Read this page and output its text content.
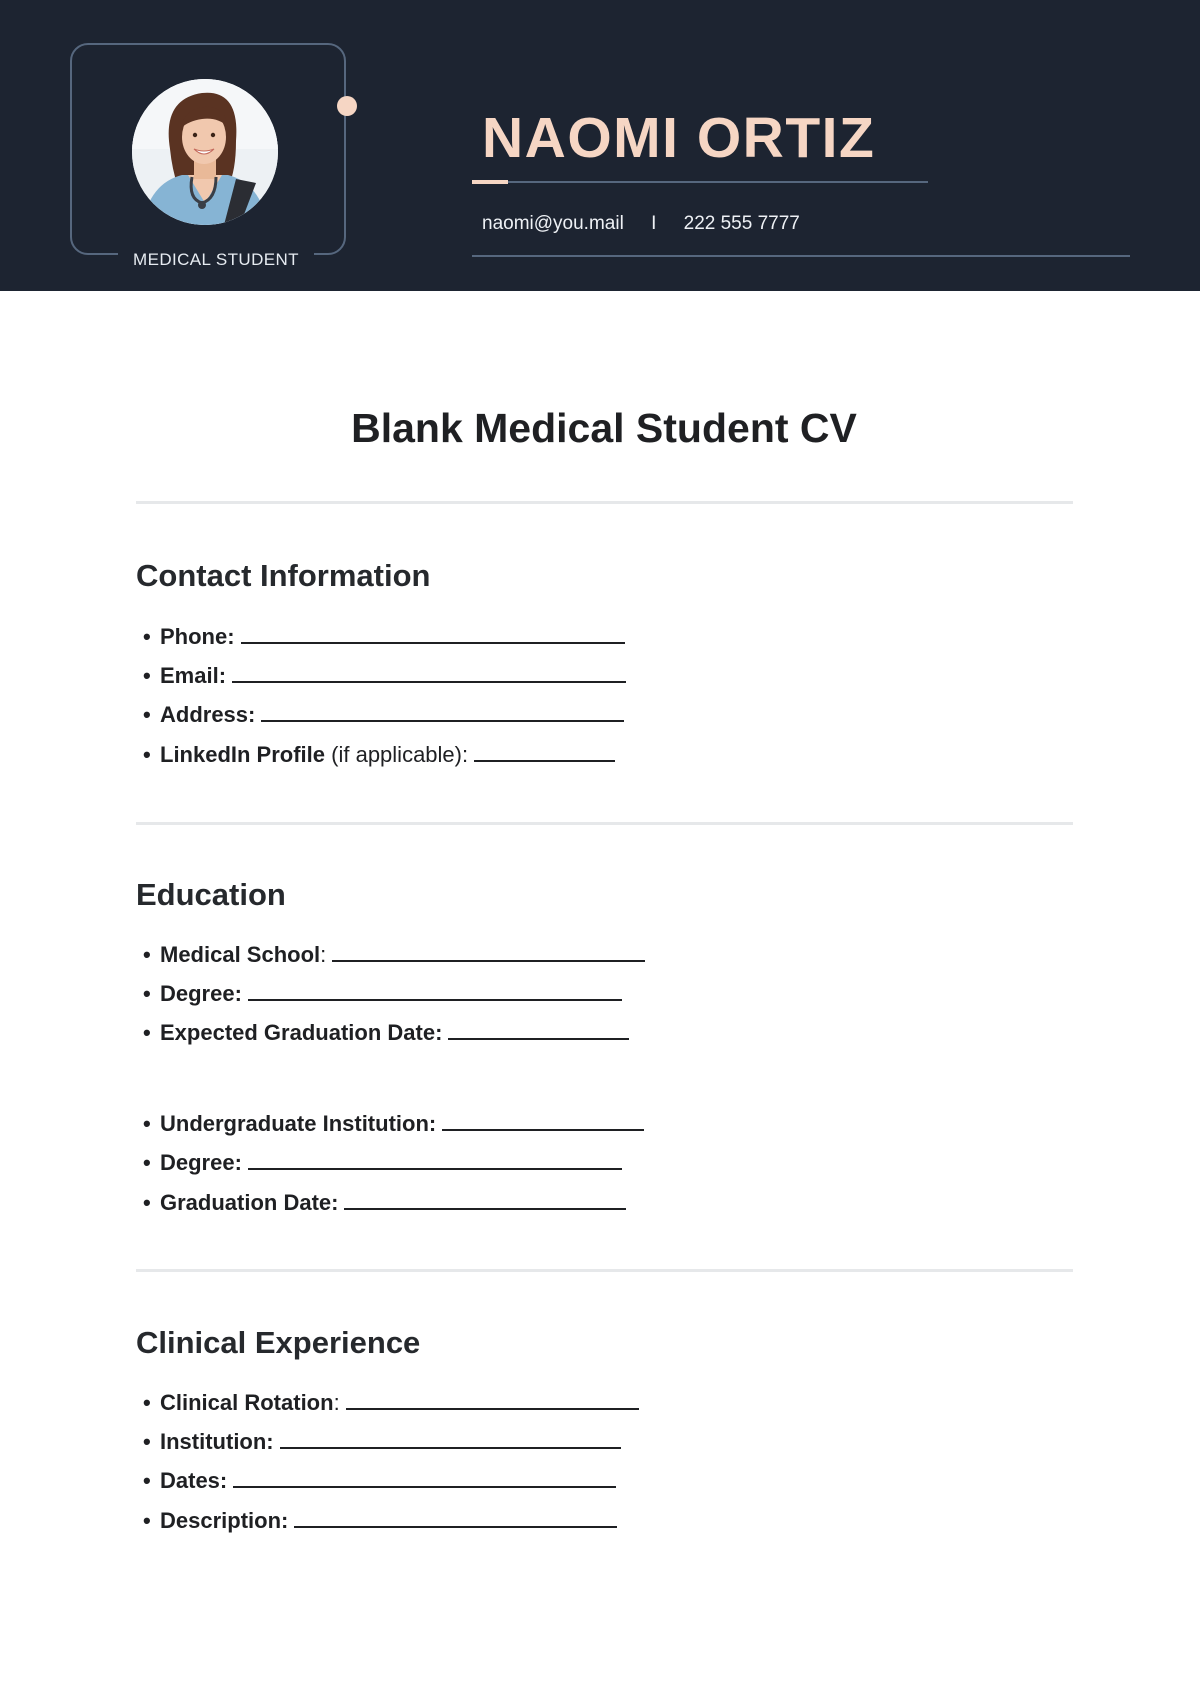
MEDICAL STUDENT
NAOMI ORTIZ
naomi@you.mail I 222 555 7777
Blank Medical Student CV
Contact Information
• Phone:
• Email:
• Address:
• LinkedIn Profile (if applicable):
Education
• Medical School:
• Degree:
• Expected Graduation Date:
• Undergraduate Institution:
• Degree:
• Graduation Date:
Clinical Experience
• Clinical Rotation:
• Institution:
• Dates:
• Description:
